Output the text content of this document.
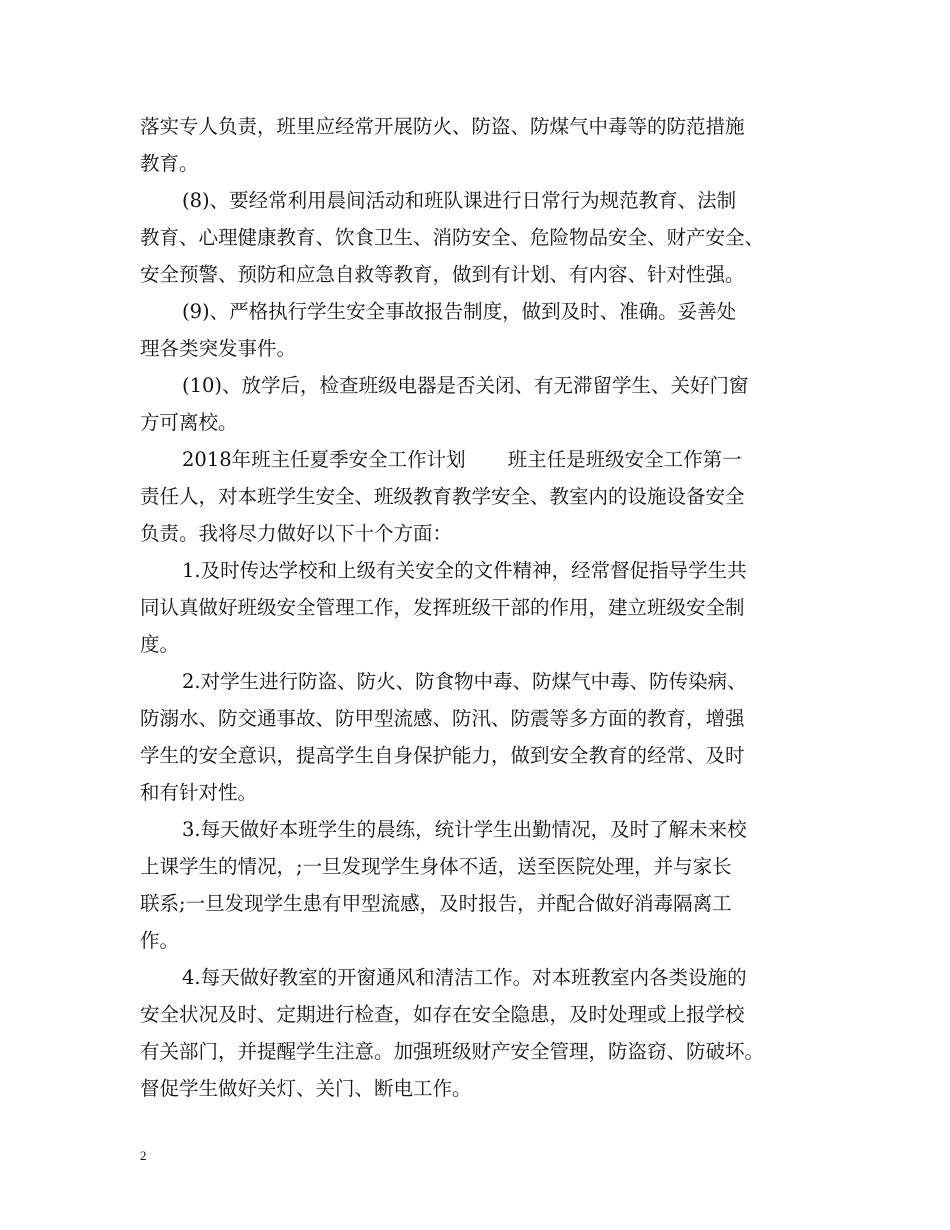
落实专人负责，班里应经常开展防火、防盗、防煤气中毒等的防范措施
教育。
(8)、要经常利用晨间活动和班队课进行日常行为规范教育、法制
教育、心理健康教育、饮食卫生、消防安全、危险物品安全、财产安全、
安全预警、预防和应急自救等教育，做到有计划、有内容、针对性强。
(9)、严格执行学生安全事故报告制度，做到及时、准确。妥善处
理各类突发事件。
(10)、放学后，检查班级电器是否关闭、有无滞留学生、关好门窗
方可离校。
2018年班主任夏季安全工作计划 班主任是班级安全工作第一
责任人，对本班学生安全、班级教育教学安全、教室内的设施设备安全
负责。我将尽力做好以下十个方面：
1.及时传达学校和上级有关安全的文件精神，经常督促指导学生共
同认真做好班级安全管理工作，发挥班级干部的作用，建立班级安全制
度。
2.对学生进行防盗、防火、防食物中毒、防煤气中毒、防传染病、
防溺水、防交通事故、防甲型流感、防汛、防震等多方面的教育，增强
学生的安全意识，提高学生自身保护能力，做到安全教育的经常、及时
和有针对性。
3.每天做好本班学生的晨练，统计学生出勤情况，及时了解未来校
上课学生的情况，;一旦发现学生身体不适，送至医院处理，并与家长
联系;一旦发现学生患有甲型流感，及时报告，并配合做好消毒隔离工
作。
4.每天做好教室的开窗通风和清洁工作。对本班教室内各类设施的
安全状况及时、定期进行检查，如存在安全隐患，及时处理或上报学校
有关部门，并提醒学生注意。加强班级财产安全管理，防盗窃、防破坏。
督促学生做好关灯、关门、断电工作。
2
